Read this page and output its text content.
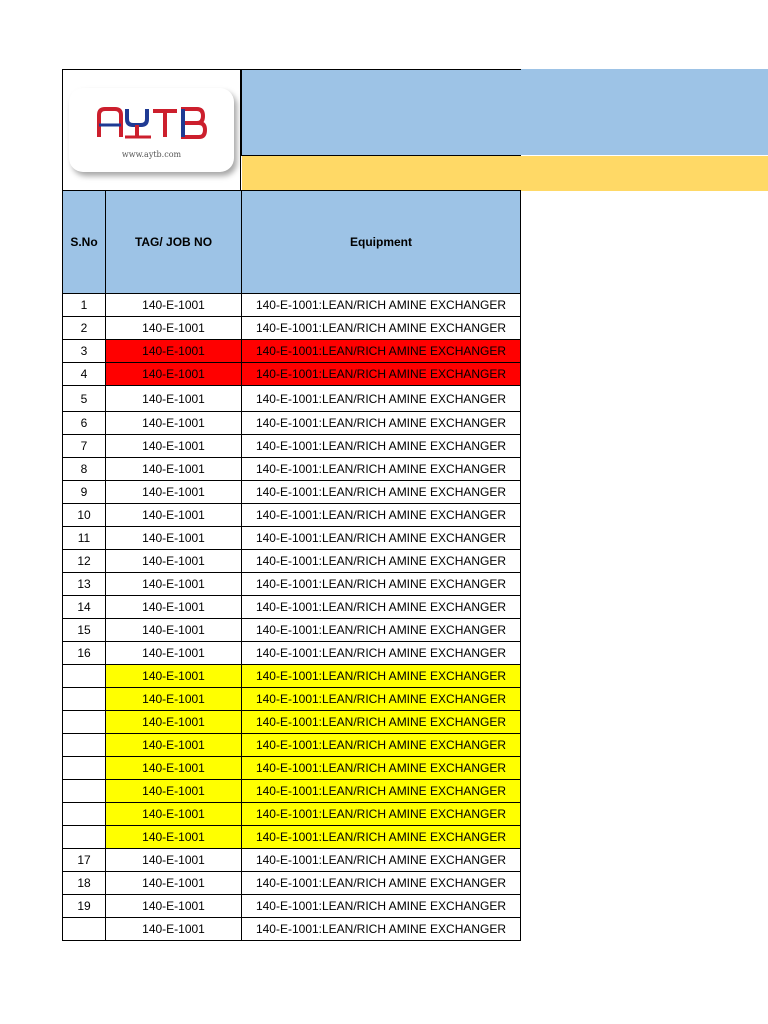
www.aytb.com
S.No	TAG/ JOB NO	Equipment
1	140-E-1001	140-E-1001:LEAN/RICH AMINE EXCHANGER
2	140-E-1001	140-E-1001:LEAN/RICH AMINE EXCHANGER
3	140-E-1001	140-E-1001:LEAN/RICH AMINE EXCHANGER
4	140-E-1001	140-E-1001:LEAN/RICH AMINE EXCHANGER
5	140-E-1001	140-E-1001:LEAN/RICH AMINE EXCHANGER
6	140-E-1001	140-E-1001:LEAN/RICH AMINE EXCHANGER
7	140-E-1001	140-E-1001:LEAN/RICH AMINE EXCHANGER
8	140-E-1001	140-E-1001:LEAN/RICH AMINE EXCHANGER
9	140-E-1001	140-E-1001:LEAN/RICH AMINE EXCHANGER
10	140-E-1001	140-E-1001:LEAN/RICH AMINE EXCHANGER
11	140-E-1001	140-E-1001:LEAN/RICH AMINE EXCHANGER
12	140-E-1001	140-E-1001:LEAN/RICH AMINE EXCHANGER
13	140-E-1001	140-E-1001:LEAN/RICH AMINE EXCHANGER
14	140-E-1001	140-E-1001:LEAN/RICH AMINE EXCHANGER
15	140-E-1001	140-E-1001:LEAN/RICH AMINE EXCHANGER
16	140-E-1001	140-E-1001:LEAN/RICH AMINE EXCHANGER
	140-E-1001	140-E-1001:LEAN/RICH AMINE EXCHANGER
	140-E-1001	140-E-1001:LEAN/RICH AMINE EXCHANGER
	140-E-1001	140-E-1001:LEAN/RICH AMINE EXCHANGER
	140-E-1001	140-E-1001:LEAN/RICH AMINE EXCHANGER
	140-E-1001	140-E-1001:LEAN/RICH AMINE EXCHANGER
	140-E-1001	140-E-1001:LEAN/RICH AMINE EXCHANGER
	140-E-1001	140-E-1001:LEAN/RICH AMINE EXCHANGER
	140-E-1001	140-E-1001:LEAN/RICH AMINE EXCHANGER
17	140-E-1001	140-E-1001:LEAN/RICH AMINE EXCHANGER
18	140-E-1001	140-E-1001:LEAN/RICH AMINE EXCHANGER
19	140-E-1001	140-E-1001:LEAN/RICH AMINE EXCHANGER
	140-E-1001	140-E-1001:LEAN/RICH AMINE EXCHANGER
